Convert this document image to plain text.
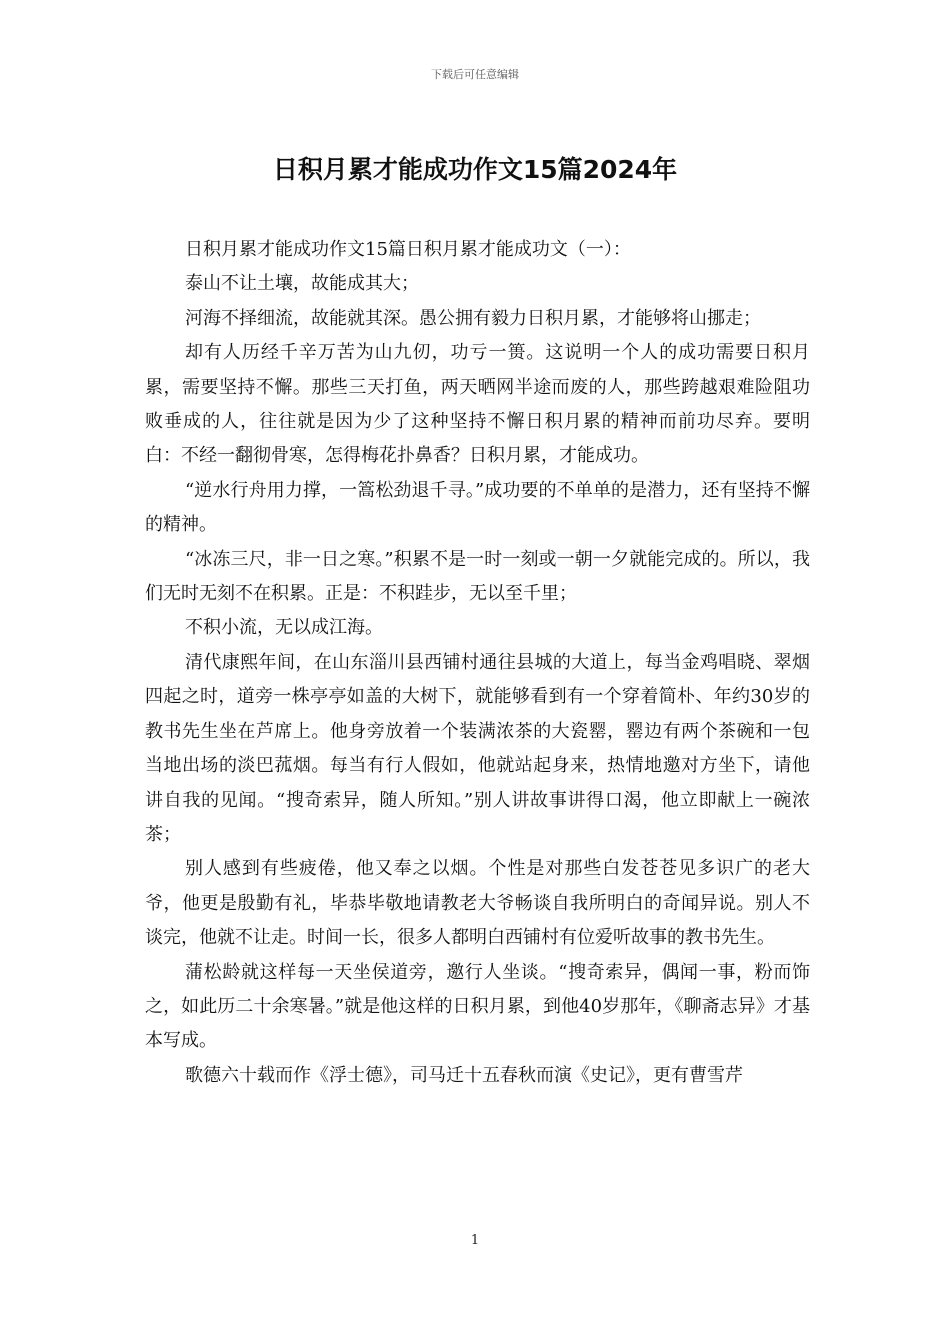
下载后可任意编辑
日积月累才能成功作文15篇2024年

日积月累才能成功作文15篇日积月累才能成功文（一）：

泰山不让土壤，故能成其大；

河海不择细流，故能就其深。愚公拥有毅力日积月累，才能够将山挪走；

却有人历经千辛万苦为山九仞，功亏一篑。这说明一个人的成功需要日积月累，需要坚持不懈。那些三天打鱼，两天晒网半途而废的人，那些跨越艰难险阻功败垂成的人，往往就是因为少了这种坚持不懈日积月累的精神而前功尽弃。要明白：不经一翻彻骨寒，怎得梅花扑鼻香？日积月累，才能成功。

“逆水行舟用力撑，一篙松劲退千寻。”成功要的不单单的是潜力，还有坚持不懈的精神。

“冰冻三尺，非一日之寒。”积累不是一时一刻或一朝一夕就能完成的。所以，我们无时无刻不在积累。正是：不积跬步，无以至千里；

不积小流，无以成江海。

清代康熙年间，在山东淄川县西铺村通往县城的大道上，每当金鸡唱晓、翠烟四起之时，道旁一株亭亭如盖的大树下，就能够看到有一个穿着简朴、年约30岁的教书先生坐在芦席上。他身旁放着一个装满浓茶的大瓷罂，罂边有两个茶碗和一包当地出场的淡巴菰烟。每当有行人假如，他就站起身来，热情地邀对方坐下，请他讲自我的见闻。“搜奇索异，随人所知。”别人讲故事讲得口渴，他立即献上一碗浓茶；

别人感到有些疲倦，他又奉之以烟。个性是对那些白发苍苍见多识广的老大爷，他更是殷勤有礼，毕恭毕敬地请教老大爷畅谈自我所明白的奇闻异说。别人不谈完，他就不让走。时间一长，很多人都明白西铺村有位爱听故事的教书先生。

蒲松龄就这样每一天坐侯道旁，邀行人坐谈。“搜奇索异，偶闻一事，粉而饰之，如此历二十余寒暑。”就是他这样的日积月累，到他40岁那年，《聊斋志异》才基本写成。

歌德六十载而作《浮士德》，司马迁十五春秋而演《史记》，更有曹雪芹

1
